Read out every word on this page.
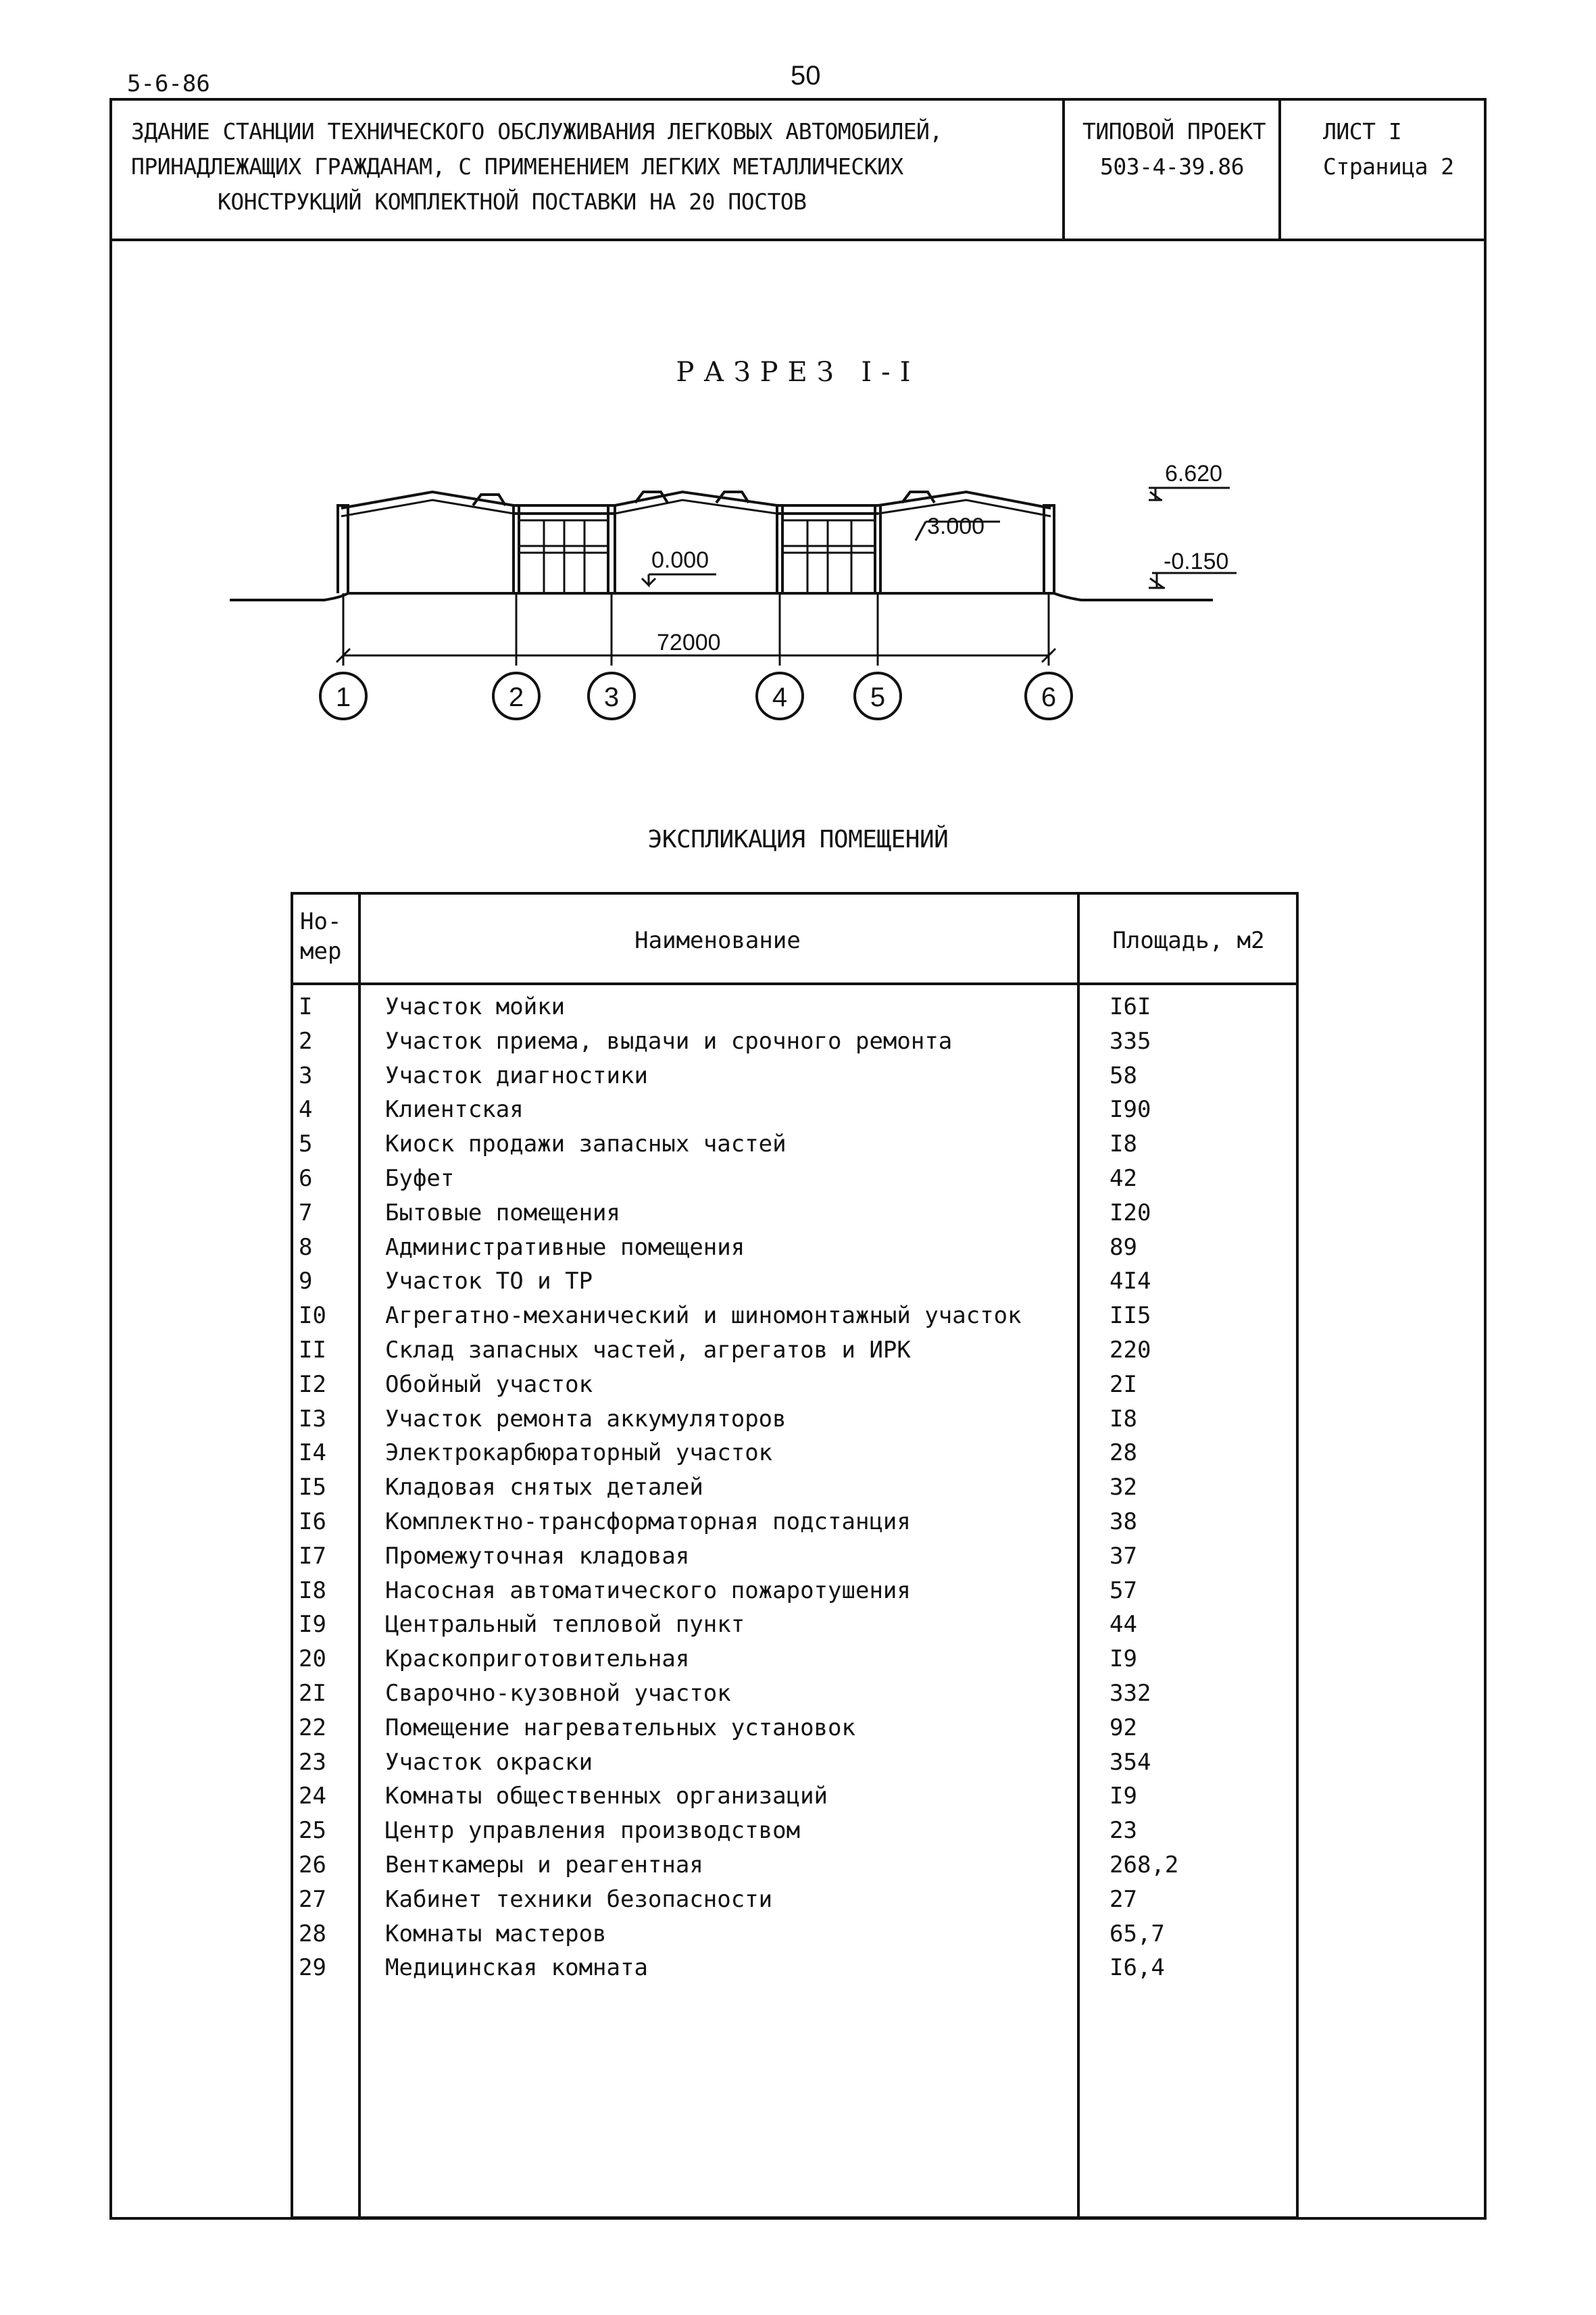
5-6-86	50
ЗДАНИЕ СТАНЦИИ ТЕХНИЧЕСКОГО ОБСЛУЖИВАНИЯ ЛЕГКОВЫХ АВТОМОБИЛЕЙ,
ПРИНАДЛЕЖАЩИХ ГРАЖДАНАМ, С ПРИМЕНЕНИЕМ ЛЕГКИХ МЕТАЛЛИЧЕСКИХ
КОНСТРУКЦИЙ КОМПЛЕКТНОЙ ПОСТАВКИ НА 20 ПОСТОВ
ТИПОВОЙ ПРОЕКТ
503-4-39.86
ЛИСТ I
Страница 2
РАЗРЕЗ I-I
6.620
3.000
0.000	-0.150
72000
1	2	3	4	5	6
ЭКСПЛИКАЦИЯ ПОМЕЩЕНИЙ
Но-
мер	Наименование	Площадь, м2
I	Участок мойки	I6I
2	Участок приема, выдачи и срочного ремонта	335
3	Участок диагностики	58
4	Клиентская	I90
5	Киоск продажи запасных частей	I8
6	Буфет	42
7	Бытовые помещения	I20
8	Административные помещения	89
9	Участок ТО и ТР	4I4
I0	Агрегатно-механический и шиномонтажный участок	II5
II	Склад запасных частей, агрегатов и ИРК	220
I2	Обойный участок	2I
I3	Участок ремонта аккумуляторов	I8
I4	Электрокарбюраторный участок	28
I5	Кладовая снятых деталей	32
I6	Комплектно-трансформаторная подстанция	38
I7	Промежуточная кладовая	37
I8	Насосная автоматического пожаротушения	57
I9	Центральный тепловой пункт	44
20	Краскоприготовительная	I9
2I	Сварочно-кузовной участок	332
22	Помещение нагревательных установок	92
23	Участок окраски	354
24	Комнаты общественных организаций	I9
25	Центр управления производством	23
26	Венткамеры и реагентная	268,2
27	Кабинет техники безопасности	27
28	Комнаты мастеров	65,7
29	Медицинская комната	I6,4
